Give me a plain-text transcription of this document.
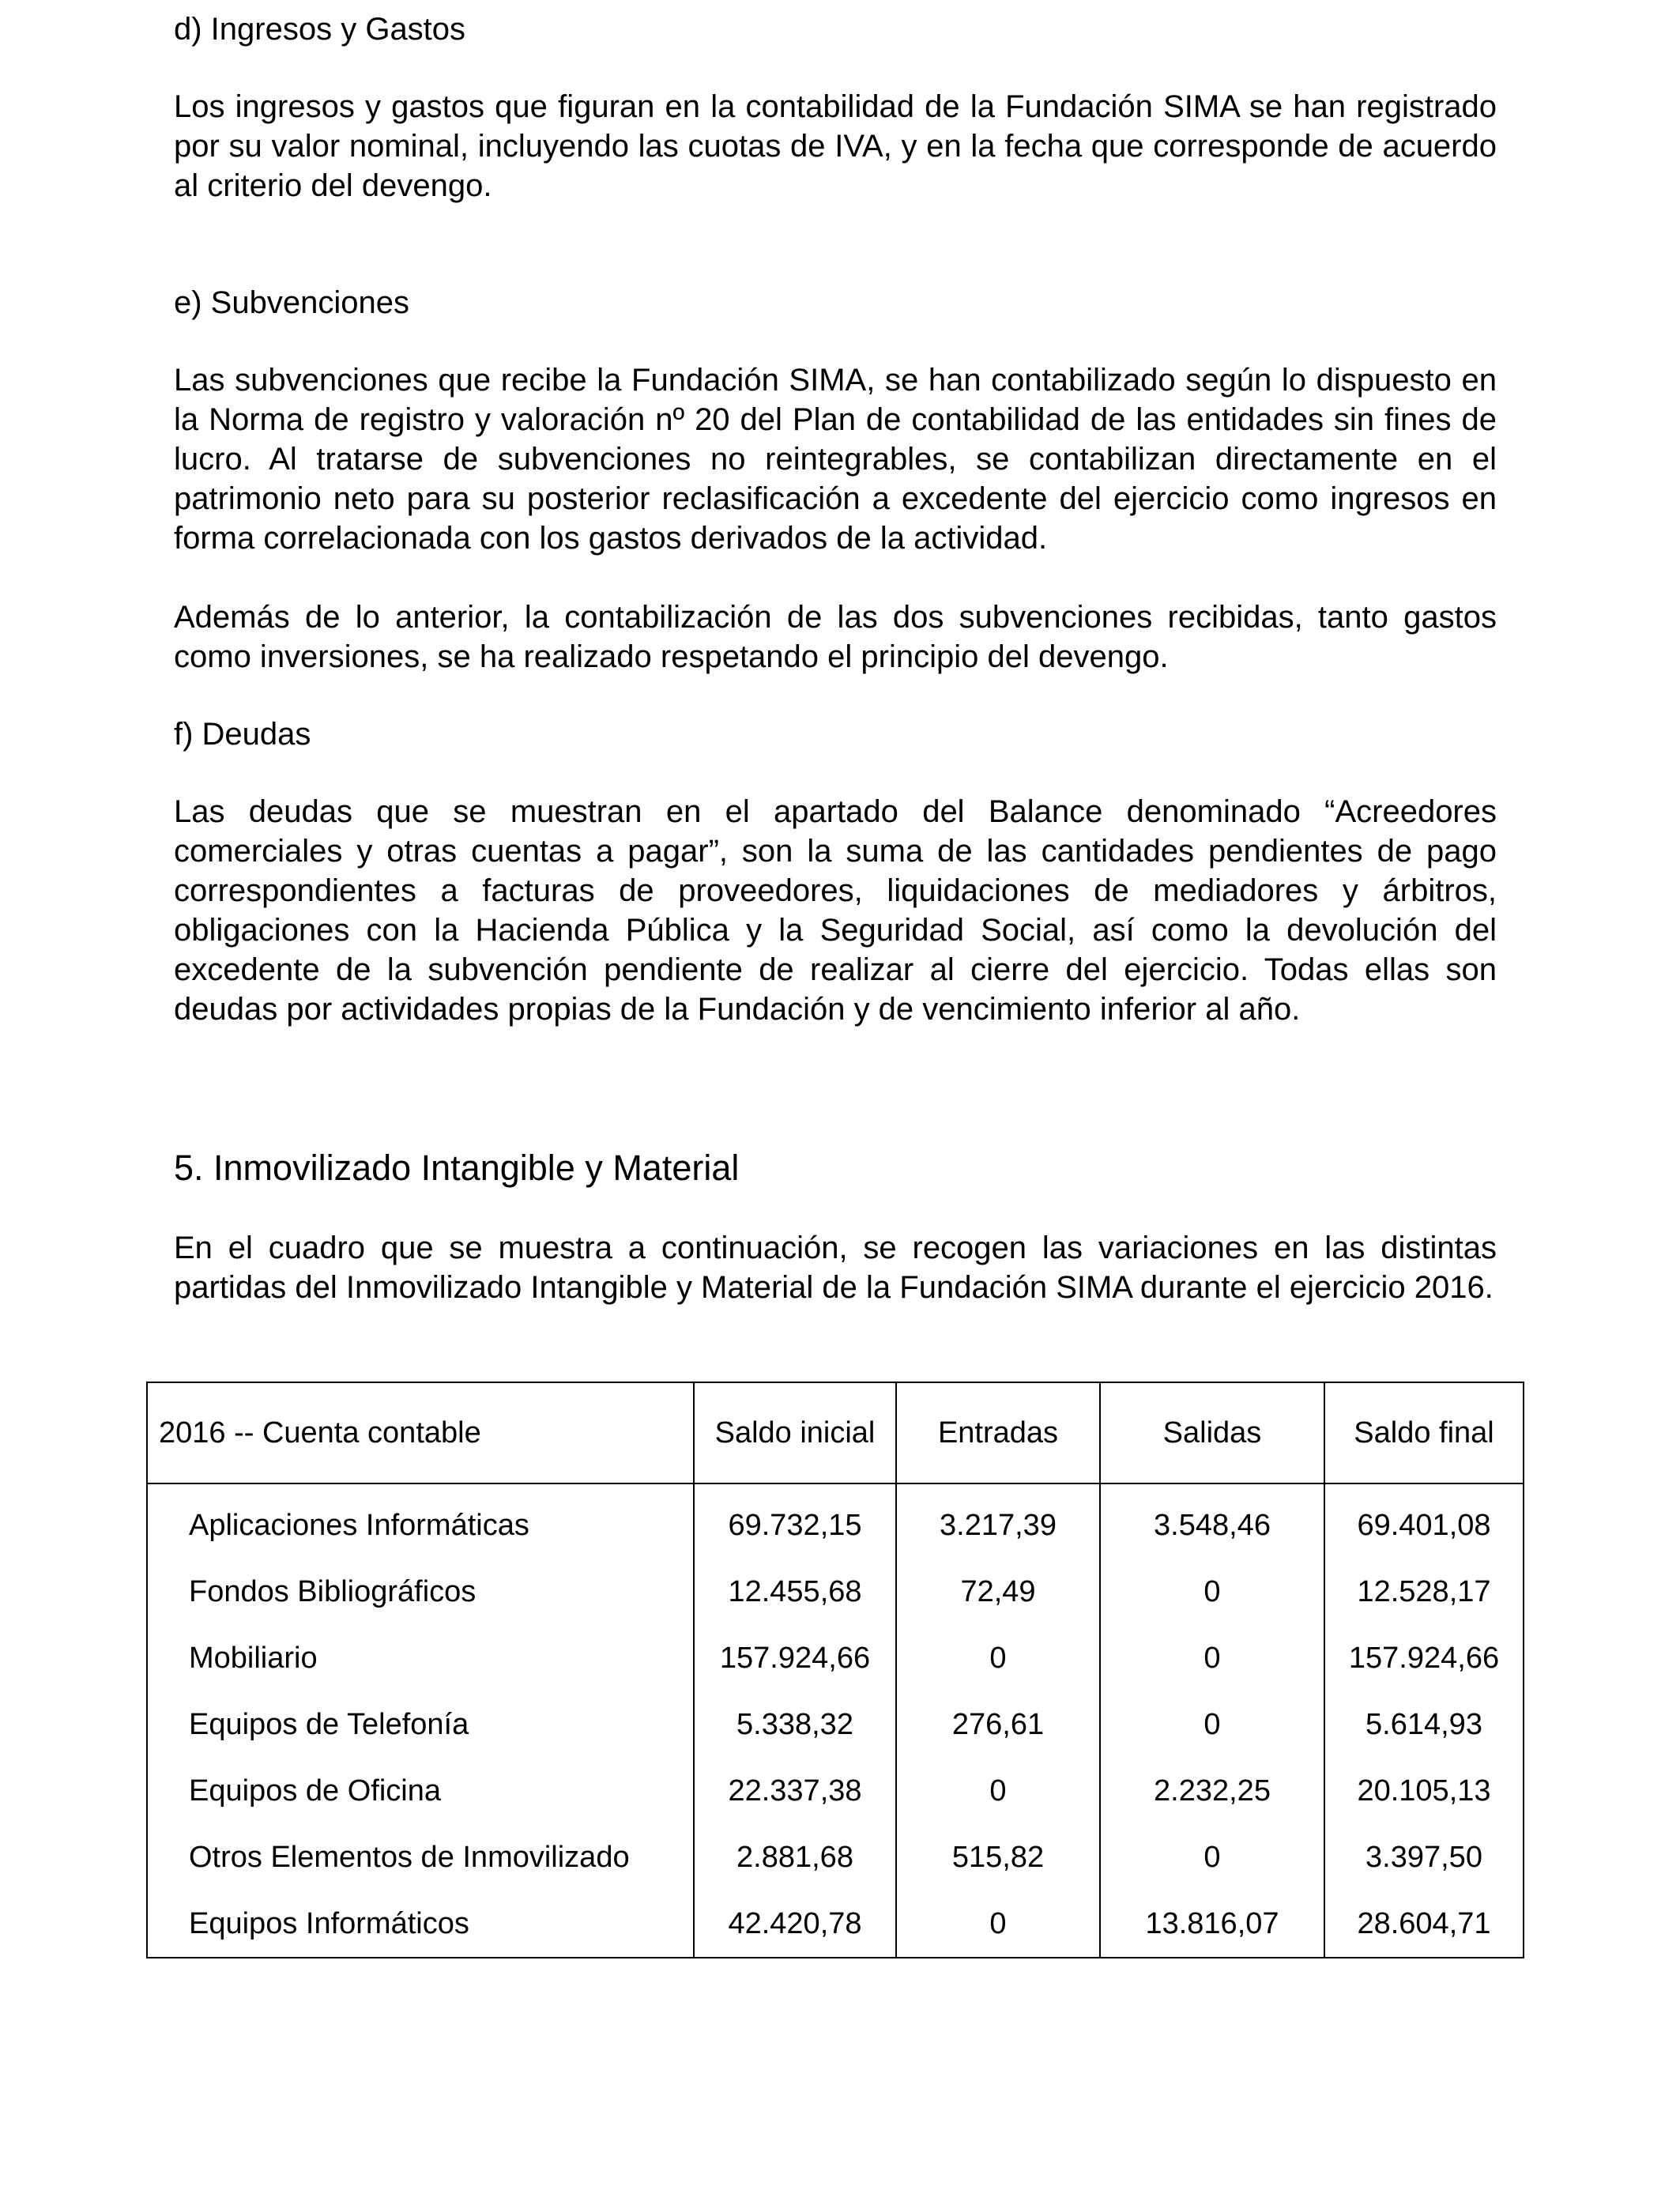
d) Ingresos y Gastos

Los ingresos y gastos que figuran en la contabilidad de la Fundación SIMA se han registrado por su valor nominal, incluyendo las cuotas de IVA, y en la fecha que corresponde de acuerdo al criterio del devengo.

e) Subvenciones

Las subvenciones que recibe la Fundación SIMA, se han contabilizado según lo dispuesto en la Norma de registro y valoración nº 20 del Plan de contabilidad de las entidades sin fines de lucro. Al tratarse de subvenciones no reintegrables, se contabilizan directamente en el patrimonio neto para su posterior reclasificación a excedente del ejercicio como ingresos en forma correlacionada con los gastos derivados de la actividad.

Además de lo anterior, la contabilización de las dos subvenciones recibidas, tanto gastos como inversiones, se ha realizado respetando el principio del devengo.

f) Deudas

Las deudas que se muestran en el apartado del Balance denominado “Acreedores comerciales y otras cuentas a pagar”, son la suma de las cantidades pendientes de pago correspondientes a facturas de proveedores, liquidaciones de mediadores y árbitros, obligaciones con la Hacienda Pública y la Seguridad Social, así como la devolución del excedente de la subvención pendiente de realizar al cierre del ejercicio. Todas ellas son deudas por actividades propias de la Fundación y de vencimiento inferior al año.

5. Inmovilizado Intangible y Material

En el cuadro que se muestra a continuación, se recogen las variaciones en las distintas partidas del Inmovilizado Intangible y Material de la Fundación SIMA durante el ejercicio 2016.

2016 -- Cuenta contable	Saldo inicial	Entradas	Salidas	Saldo final
Aplicaciones Informáticas	69.732,15	3.217,39	3.548,46	69.401,08
Fondos Bibliográficos	12.455,68	72,49	0	12.528,17
Mobiliario	157.924,66	0	0	157.924,66
Equipos de Telefonía	5.338,32	276,61	0	5.614,93
Equipos de Oficina	22.337,38	0	2.232,25	20.105,13
Otros Elementos de Inmovilizado	2.881,68	515,82	0	3.397,50
Equipos Informáticos	42.420,78	0	13.816,07	28.604,71
